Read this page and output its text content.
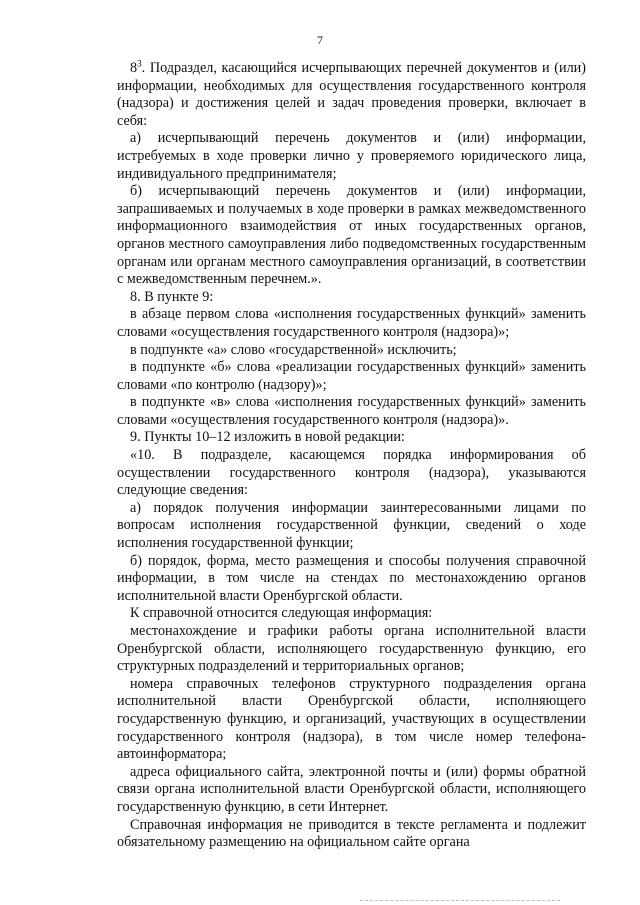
7

$8^3$. Подраздел, касающийся исчерпывающих перечней документов и (или) информации, необходимых для осуществления государственного контроля (надзора) и достижения целей и задач проведения проверки, включает в себя:

а) исчерпывающий перечень документов и (или) информации, истребуемых в ходе проверки лично у проверяемого юридического лица, индивидуального предпринимателя;

б) исчерпывающий перечень документов и (или) информации, запрашиваемых и получаемых в ходе проверки в рамках межведомственного информационного взаимодействия от иных государственных органов, органов местного самоуправления либо подведомственных государственным органам или органам местного самоуправления организаций, в соответствии с межведомственным перечнем.».

8. В пункте 9:

в абзаце первом слова «исполнения государственных функций» заменить словами «осуществления государственного контроля (надзора)»;

в подпункте «а» слово «государственной» исключить;

в подпункте «б» слова «реализации государственных функций» заменить словами «по контролю (надзору)»;

в подпункте «в» слова «исполнения государственных функций» заменить словами «осуществления государственного контроля (надзора)».

9. Пункты 10–12 изложить в новой редакции:

«10. В подразделе, касающемся порядка информирования об осуществлении государственного контроля (надзора), указываются следующие сведения:

а) порядок получения информации заинтересованными лицами по вопросам исполнения государственной функции, сведений о ходе исполнения государственной функции;

б) порядок, форма, место размещения и способы получения справочной информации, в том числе на стендах по местонахождению органов исполнительной власти Оренбургской области.

К справочной относится следующая информация:

местонахождение и графики работы органа исполнительной власти Оренбургской области, исполняющего государственную функцию, его структурных подразделений и территориальных органов;

номера справочных телефонов структурного подразделения органа исполнительной власти Оренбургской области, исполняющего государственную функцию, и организаций, участвующих в осуществлении государственного контроля (надзора), в том числе номер телефона-автоинформатора;

адреса официального сайта, электронной почты и (или) формы обратной связи органа исполнительной власти Оренбургской области, исполняющего государственную функцию, в сети Интернет.

Справочная информация не приводится в тексте регламента и подлежит обязательному размещению на официальном сайте органа
